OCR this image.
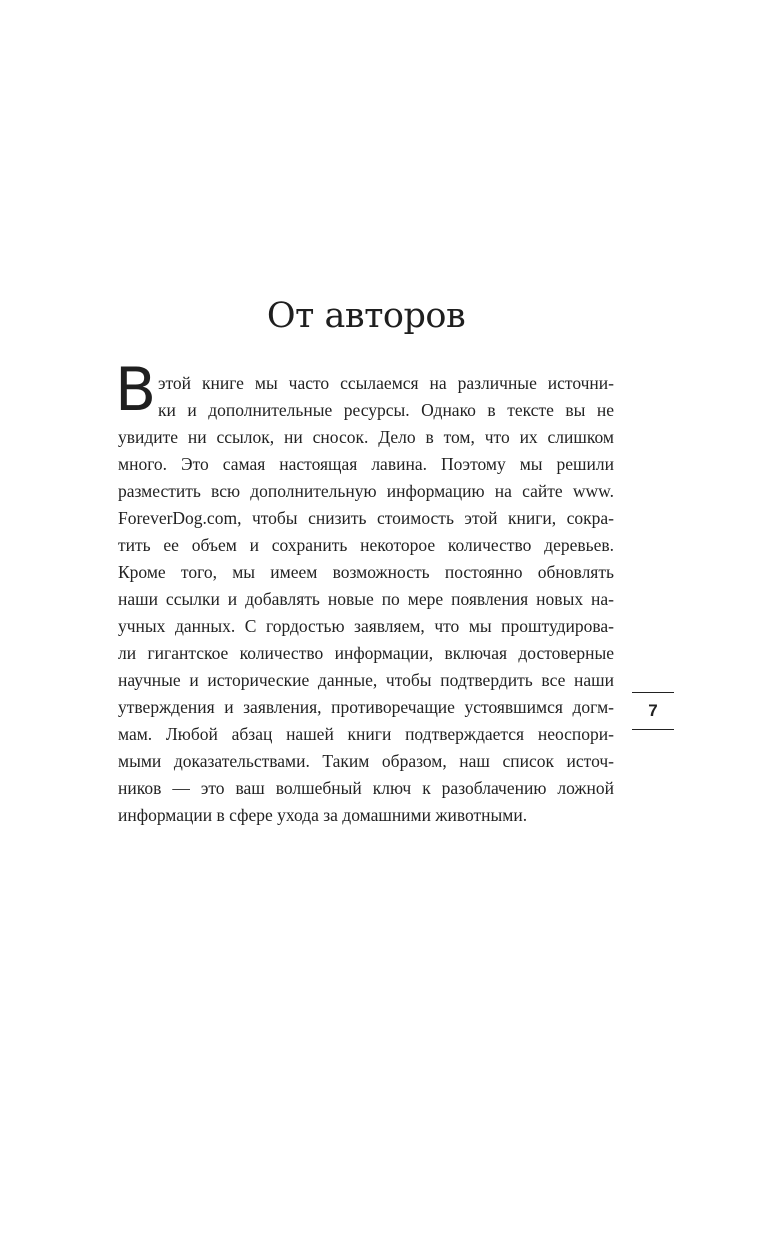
От авторов
В этой книге мы часто ссылаемся на различные источни-
ки и дополнительные ресурсы. Однако в тексте вы не
увидите ни ссылок, ни сносок. Дело в том, что их слишком
много. Это самая настоящая лавина. Поэтому мы решили
разместить всю дополнительную информацию на сайте www.
ForeverDog.com, чтобы снизить стоимость этой книги, сокра-
тить ее объем и сохранить некоторое количество деревьев.
Кроме того, мы имеем возможность постоянно обновлять
наши ссылки и добавлять новые по мере появления новых на-
учных данных. С гордостью заявляем, что мы проштудирова-
ли гигантское количество информации, включая достоверные
научные и исторические данные, чтобы подтвердить все наши
утверждения и заявления, противоречащие устоявшимся догм-
мам. Любой абзац нашей книги подтверждается неоспори-
мыми доказательствами. Таким образом, наш список источ-
ников — это ваш волшебный ключ к разоблачению ложной
информации в сфере ухода за домашними животными.
7
